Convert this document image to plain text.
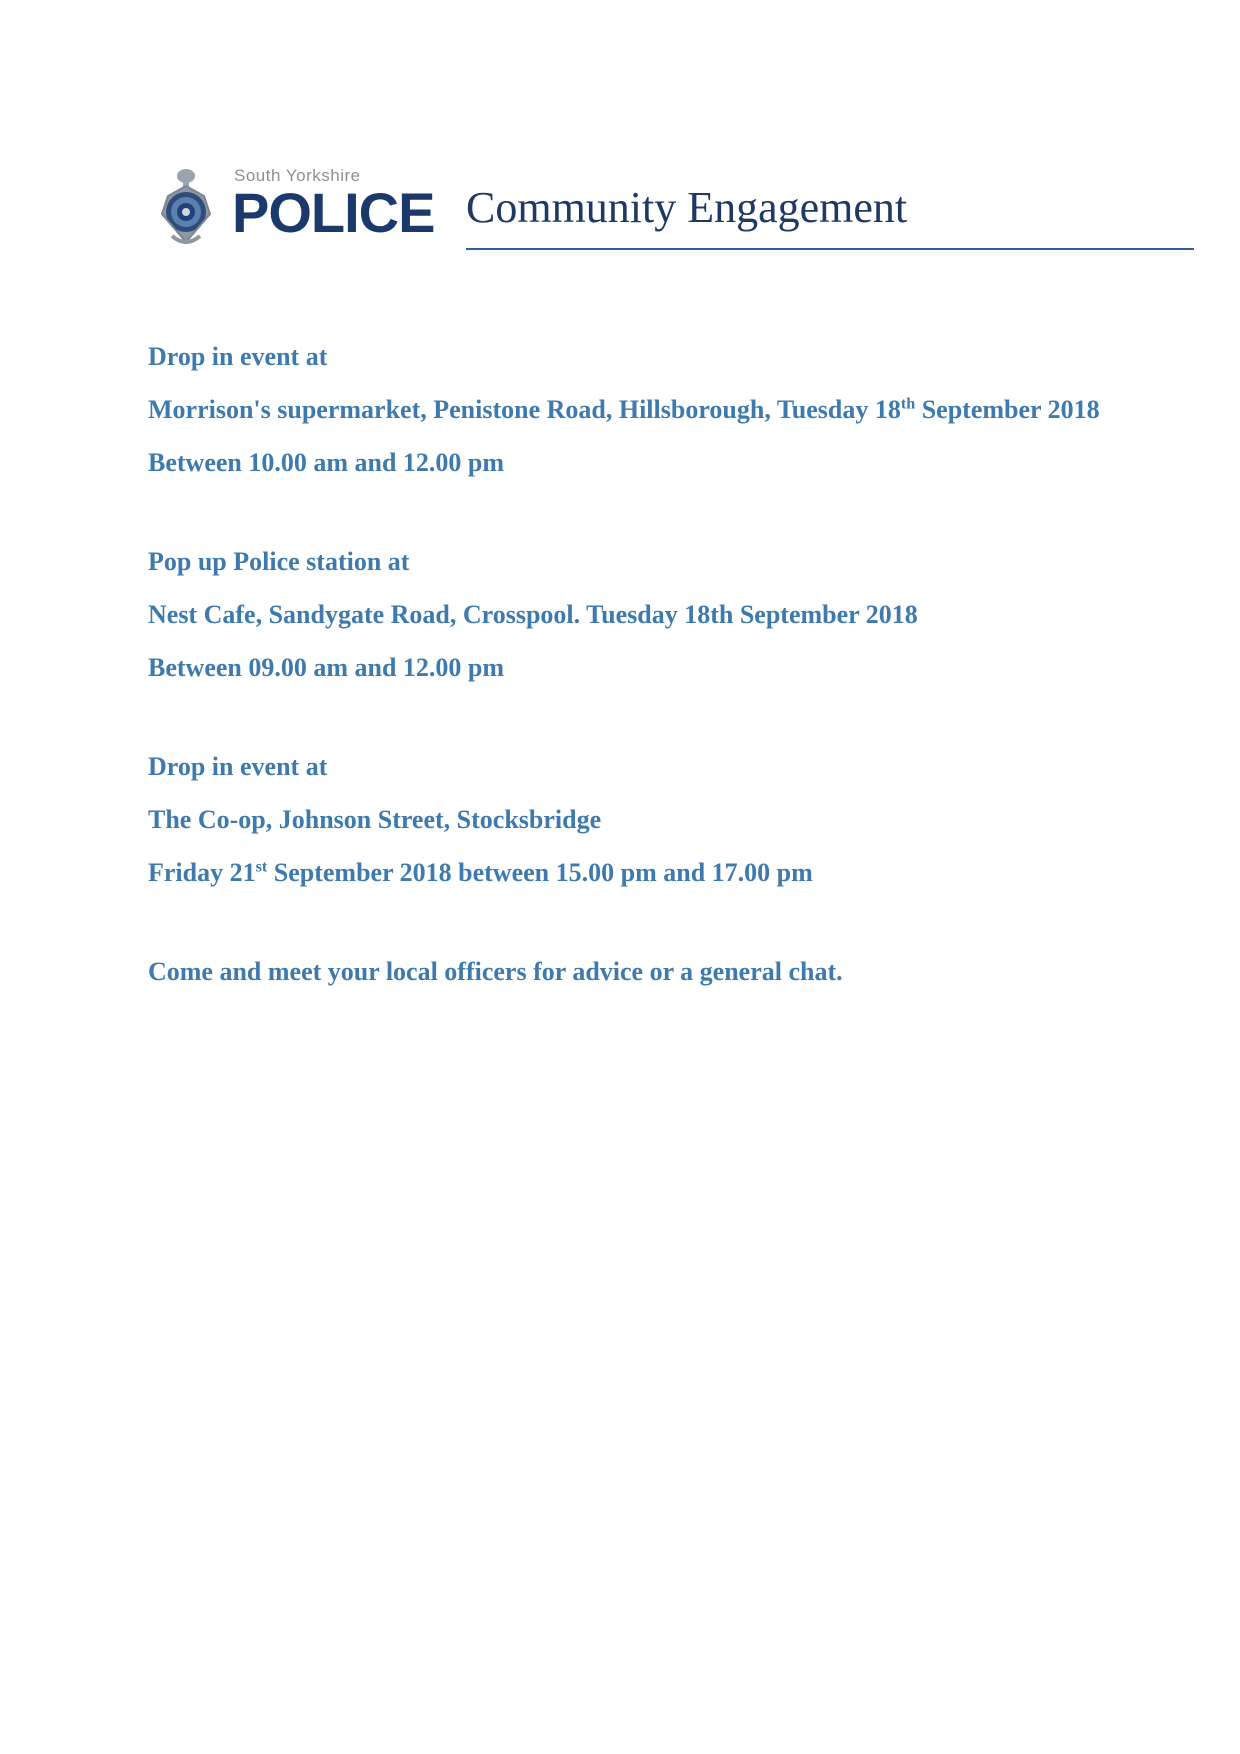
South Yorkshire
POLICE Community Engagement

Drop in event at

Morrison's supermarket, Penistone Road, Hillsborough, Tuesday 18th September 2018

Between 10.00 am and 12.00 pm

Pop up Police station at

Nest Cafe, Sandygate Road, Crosspool. Tuesday 18th September 2018

Between 09.00 am and 12.00 pm

Drop in event at

The Co-op, Johnson Street, Stocksbridge

Friday 21st September 2018 between 15.00 pm and 17.00 pm

Come and meet your local officers for advice or a general chat.
